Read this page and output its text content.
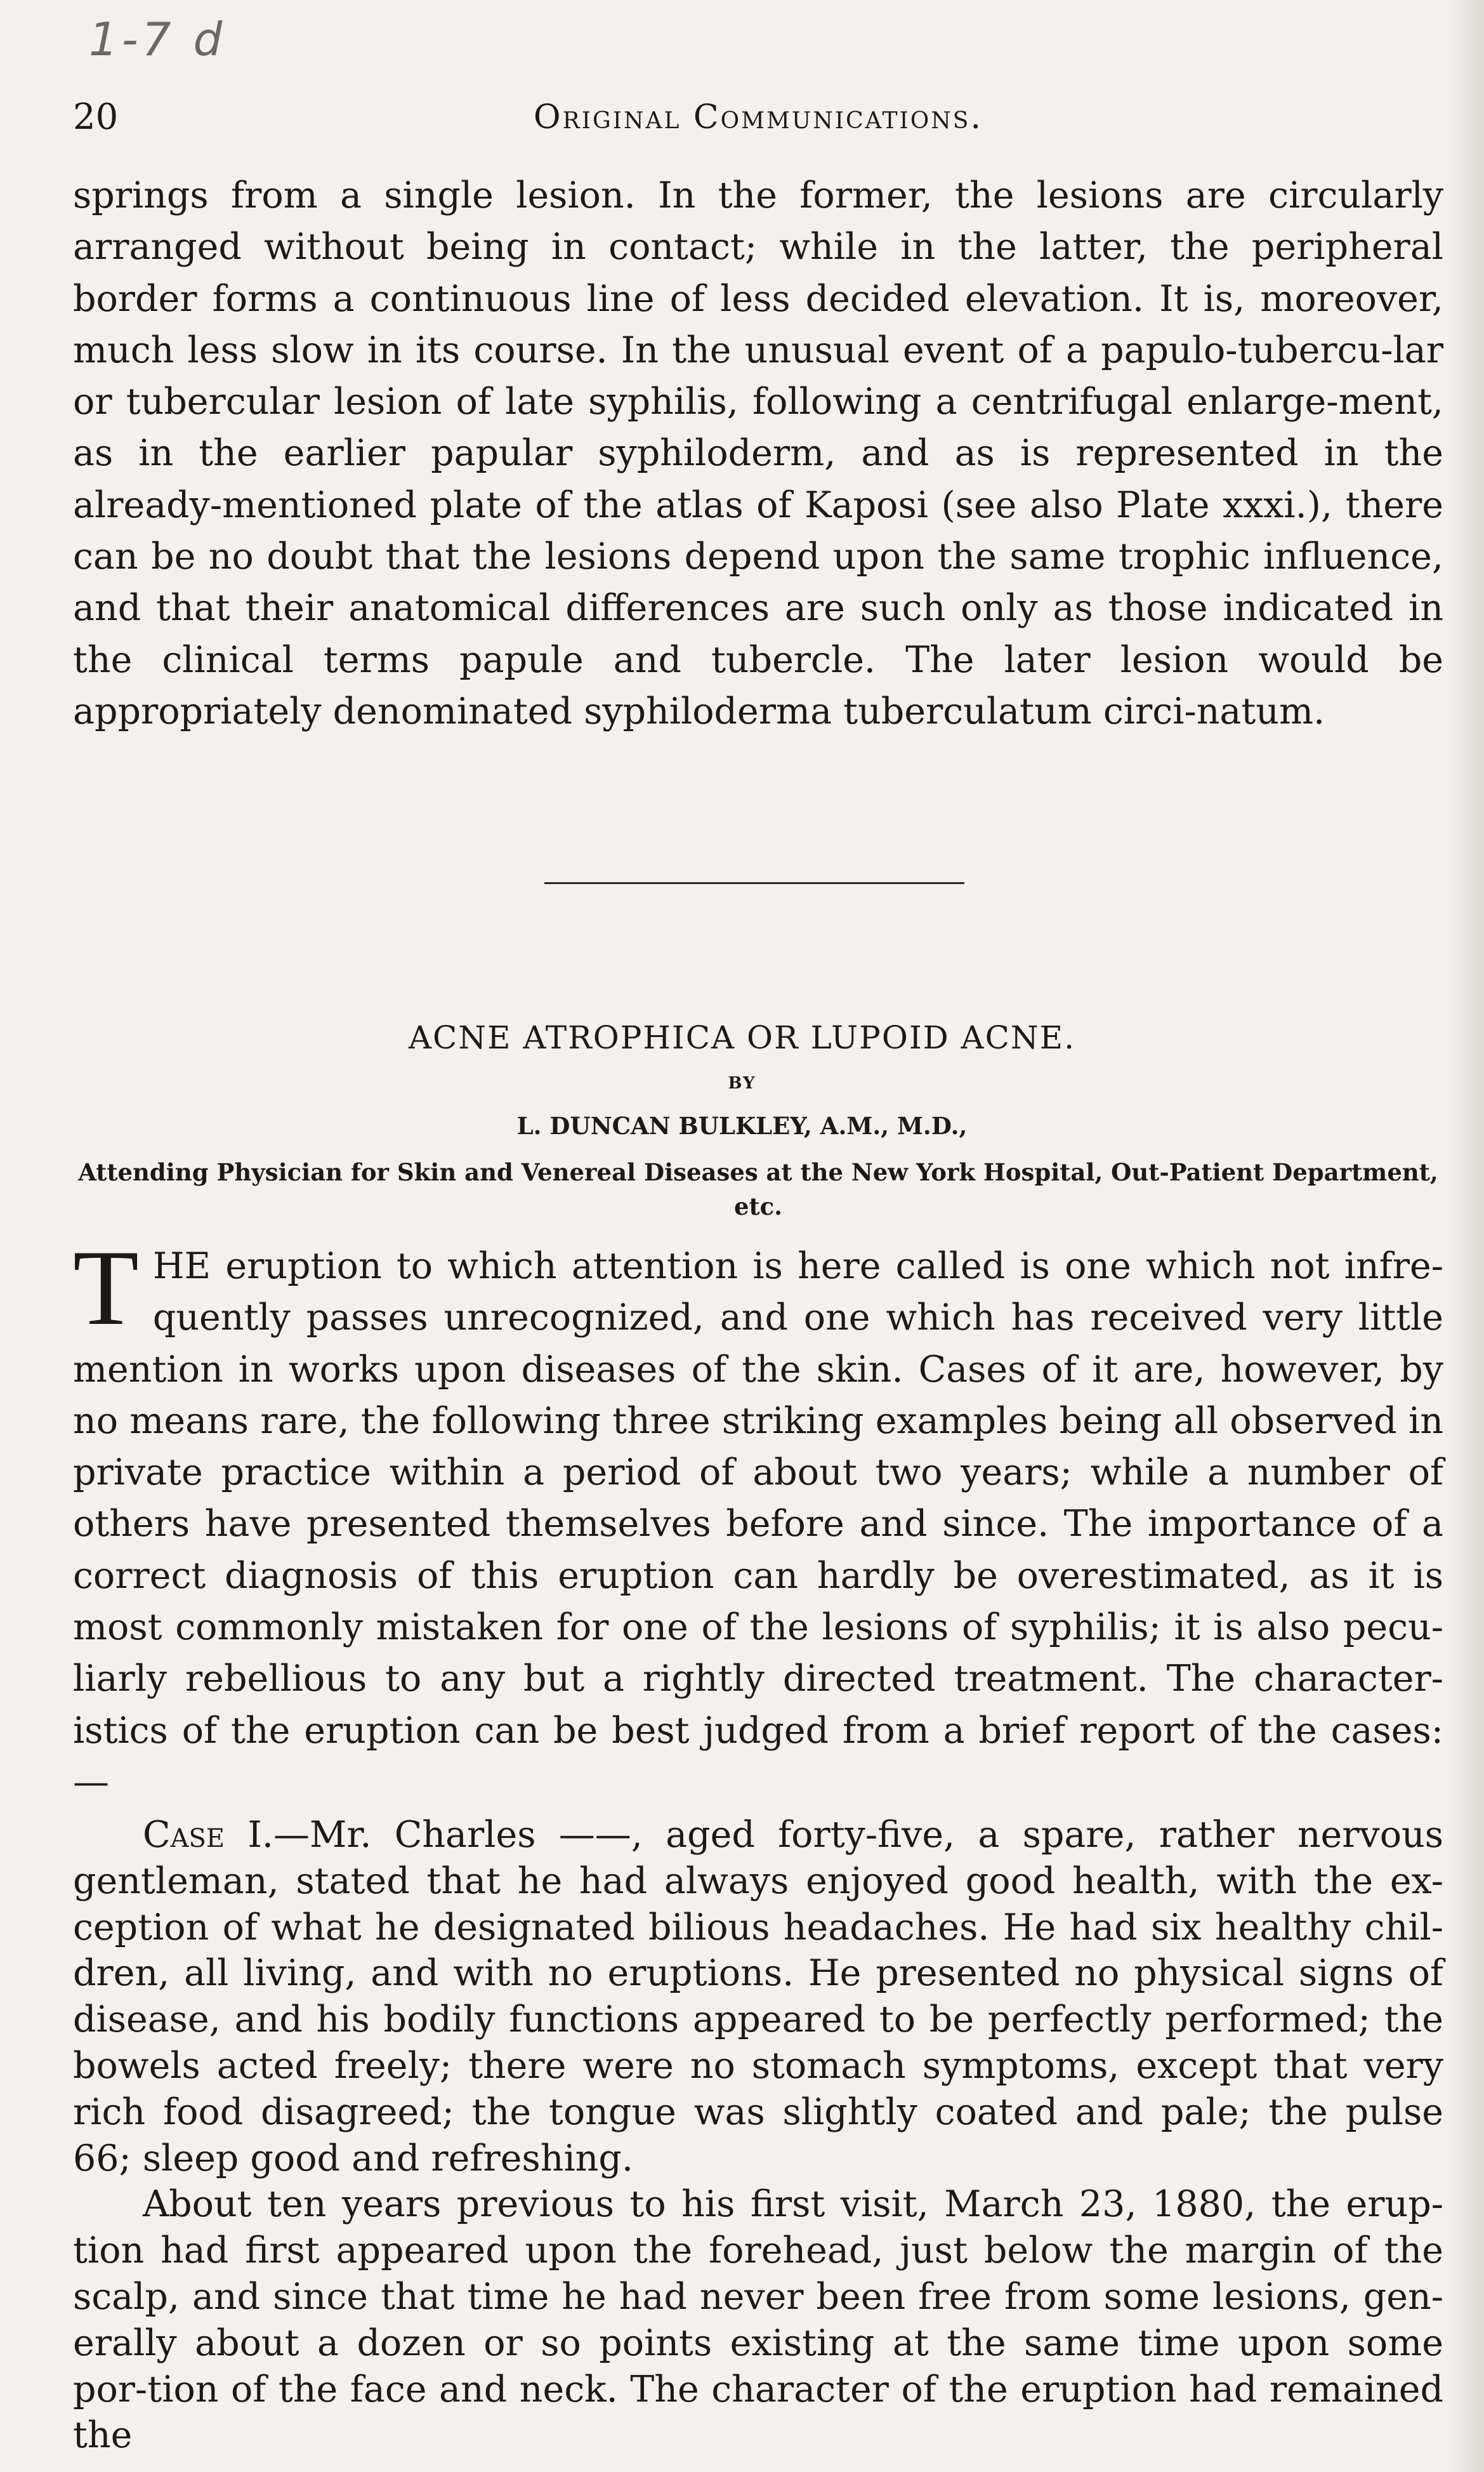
1-7 d
20	Original Communications.

springs from a single lesion. In the former, the lesions are circularly arranged without being in contact; while in the latter, the peripheral border forms a continuous line of less decided elevation. It is, moreover, much less slow in its course. In the unusual event of a papulo-tubercu-lar or tubercular lesion of late syphilis, following a centrifugal enlarge-ment, as in the earlier papular syphiloderm, and as is represented in the already-mentioned plate of the atlas of Kaposi (see also Plate xxxi.), there can be no doubt that the lesions depend upon the same trophic influence, and that their anatomical differences are such only as those indicated in the clinical terms papule and tubercle. The later lesion would be appropriately denominated syphiloderma tuberculatum circi-natum.

ACNE ATROPHICA OR LUPOID ACNE.
BY
L. DUNCAN BULKLEY, A.M., M.D.,
Attending Physician for Skin and Venereal Diseases at the New York Hospital, Out-Patient Department, etc.

THE eruption to which attention is here called is one which not infre-quently passes unrecognized, and one which has received very little mention in works upon diseases of the skin. Cases of it are, however, by no means rare, the following three striking examples being all observed in private practice within a period of about two years; while a number of others have presented themselves before and since. The importance of a correct diagnosis of this eruption can hardly be overestimated, as it is most commonly mistaken for one of the lesions of syphilis; it is also pecu-liarly rebellious to any but a rightly directed treatment. The character-istics of the eruption can be best judged from a brief report of the cases:—

Case I.—Mr. Charles ——, aged forty-five, a spare, rather nervous gentleman, stated that he had always enjoyed good health, with the ex-ception of what he designated bilious headaches. He had six healthy chil-dren, all living, and with no eruptions. He presented no physical signs of disease, and his bodily functions appeared to be perfectly performed; the bowels acted freely; there were no stomach symptoms, except that very rich food disagreed; the tongue was slightly coated and pale; the pulse 66; sleep good and refreshing.

About ten years previous to his first visit, March 23, 1880, the erup-tion had first appeared upon the forehead, just below the margin of the scalp, and since that time he had never been free from some lesions, gen-erally about a dozen or so points existing at the same time upon some por-tion of the face and neck. The character of the eruption had remained the
